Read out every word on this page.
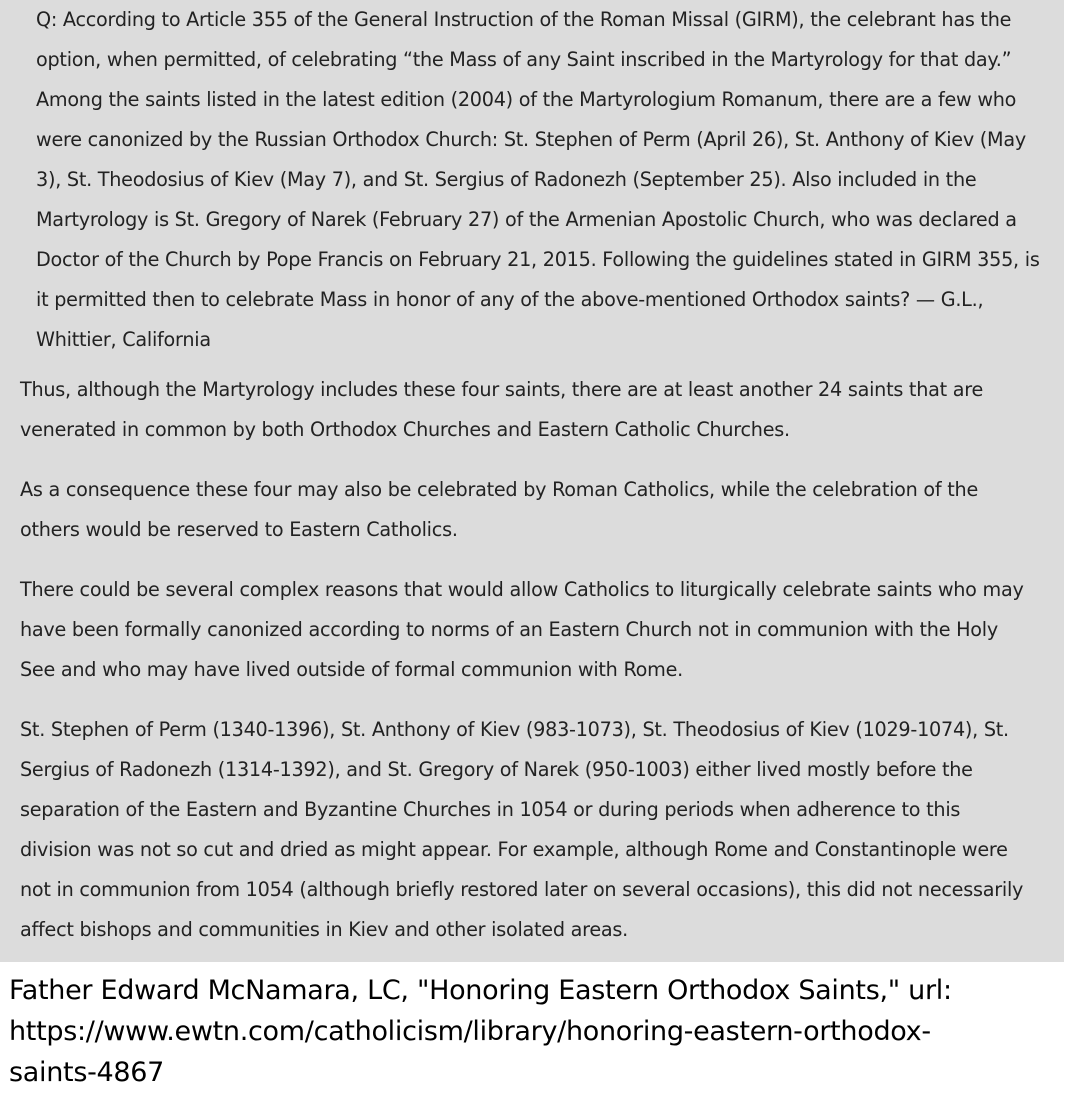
Q: According to Article 355 of the General Instruction of the Roman Missal (GIRM), the celebrant has the
option, when permitted, of celebrating “the Mass of any Saint inscribed in the Martyrology for that day.”
Among the saints listed in the latest edition (2004) of the Martyrologium Romanum, there are a few who
were canonized by the Russian Orthodox Church: St. Stephen of Perm (April 26), St. Anthony of Kiev (May
3), St. Theodosius of Kiev (May 7), and St. Sergius of Radonezh (September 25). Also included in the
Martyrology is St. Gregory of Narek (February 27) of the Armenian Apostolic Church, who was declared a
Doctor of the Church by Pope Francis on February 21, 2015. Following the guidelines stated in GIRM 355, is
it permitted then to celebrate Mass in honor of any of the above-mentioned Orthodox saints? — G.L.,
Whittier, California
Thus, although the Martyrology includes these four saints, there are at least another 24 saints that are
venerated in common by both Orthodox Churches and Eastern Catholic Churches.
As a consequence these four may also be celebrated by Roman Catholics, while the celebration of the
others would be reserved to Eastern Catholics.
There could be several complex reasons that would allow Catholics to liturgically celebrate saints who may
have been formally canonized according to norms of an Eastern Church not in communion with the Holy
See and who may have lived outside of formal communion with Rome.
St. Stephen of Perm (1340-1396), St. Anthony of Kiev (983-1073), St. Theodosius of Kiev (1029-1074), St.
Sergius of Radonezh (1314-1392), and St. Gregory of Narek (950-1003) either lived mostly before the
separation of the Eastern and Byzantine Churches in 1054 or during periods when adherence to this
division was not so cut and dried as might appear. For example, although Rome and Constantinople were
not in communion from 1054 (although briefly restored later on several occasions), this did not necessarily
affect bishops and communities in Kiev and other isolated areas.
Father Edward McNamara, LC, "Honoring Eastern Orthodox Saints," url:
https://www.ewtn.com/catholicism/library/honoring-eastern-orthodox-
saints-4867
